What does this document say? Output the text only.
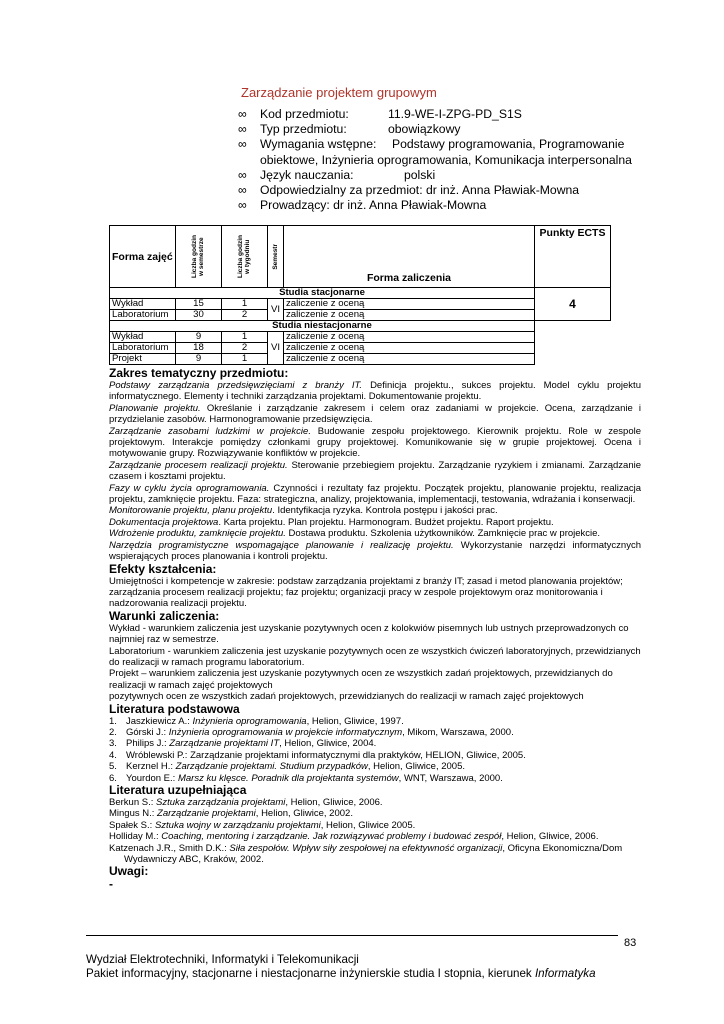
Zarządzanie projektem grupowym
∞	Kod przedmiotu:	11.9-WE-I-ZPG-PD_S1S
∞	Typ przedmiotu:	obowiązkowy
∞	Wymagania wstępne: Podstawy programowania, Programowanie
obiektowe, Inżynieria oprogramowania, Komunikacja interpersonalna
∞	Język nauczania:	polski
∞	Odpowiedzialny za przedmiot: dr inż. Anna Pławiak-Mowna
∞	Prowadzący: dr inż. Anna Pławiak-Mowna
Forma zajęć	Liczba godzin w semestrze	Liczba godzin w tygodniu	Semestr	Forma zaliczenia	Punkty ECTS
Studia stacjonarne					4
Wykład	15	1	VI	zaliczenie z oceną	
Laboratorium	30	2		zaliczenie z oceną	
Studia niestacjonarne					
Wykład	9	1	VI	zaliczenie z oceną	
Laboratorium	18	2		zaliczenie z oceną	
Projekt	9	1		zaliczenie z oceną	
Zakres tematyczny przedmiotu:

Podstawy zarządzania przedsięwzięciami z branży IT. Definicja projektu., sukces projektu. Model cyklu projektu informatycznego. Elementy i techniki zarządzania projektami. Dokumentowanie projektu.

Planowanie projektu. Określanie i zarządzanie zakresem i celem oraz zadaniami w projekcie. Ocena, zarządzanie i przydzielanie zasobów. Harmonogramowanie przedsięwzięcia.

Zarządzanie zasobami ludzkimi w projekcie. Budowanie zespołu projektowego. Kierownik projektu. Role w zespole projektowym. Interakcje pomiędzy członkami grupy projektowej. Komunikowanie się w grupie projektowej. Ocena i motywowanie grupy. Rozwiązywanie konfliktów w projekcie.

Zarządzanie procesem realizacji projektu. Sterowanie przebiegiem projektu. Zarządzanie ryzykiem i zmianami. Zarządzanie czasem i kosztami projektu.

Fazy w cyklu życia oprogramowania. Czynności i rezultaty faz projektu. Początek projektu, planowanie projektu, realizacja projektu, zamknięcie projektu. Faza: strategiczna, analizy, projektowania, implementacji, testowania, wdrażania i konserwacji.

Monitorowanie projektu, planu projektu. Identyfikacja ryzyka. Kontrola postępu i jakości prac.

Dokumentacja projektowa. Karta projektu. Plan projektu. Harmonogram. Budżet projektu. Raport projektu.

Wdrożenie produktu, zamknięcie projektu. Dostawa produktu. Szkolenia użytkowników. Zamknięcie prac w projekcie.

Narzędzia programistyczne wspomagające planowanie i realizację projektu. Wykorzystanie narzędzi informatycznych wspierających proces planowania i kontroli projektu.

Efekty kształcenia:

Umiejętności i kompetencje w zakresie: podstaw zarządzania projektami z branży IT; zasad i metod planowania projektów; zarządzania procesem realizacji projektu; faz projektu; organizacji pracy w zespole projektowym oraz monitorowania i nadzorowania realizacji projektu.

Warunki zaliczenia:

Wykład - warunkiem zaliczenia jest uzyskanie pozytywnych ocen z kolokwiów pisemnych lub ustnych przeprowadzonych co najmniej raz w semestrze.

Laboratorium - warunkiem zaliczenia jest uzyskanie pozytywnych ocen ze wszystkich ćwiczeń laboratoryjnych, przewidzianych do realizacji w ramach programu laboratorium.

Projekt – warunkiem zaliczenia jest uzyskanie pozytywnych ocen ze wszystkich zadań projektowych, przewidzianych do realizacji w ramach zajęć projektowych

pozytywnych ocen ze wszystkich zadań projektowych, przewidzianych do realizacji w ramach zajęć projektowych

Literatura podstawowa
1. Jaszkiewicz A.: Inżynieria oprogramowania, Helion, Gliwice, 1997.
2. Górski J.: Inżynieria oprogramowania w projekcie informatycznym, Mikom, Warszawa, 2000.
3. Philips J.: Zarządzanie projektami IT, Helion, Gliwice, 2004.
4. Wróblewski P.: Zarządzanie projektami informatycznymi dla praktyków, HELION, Gliwice, 2005.
5. Kerznel H.: Zarządzanie projektami. Studium przypadków, Helion, Gliwice, 2005.
6. Yourdon E.: Marsz ku klęsce. Poradnik dla projektanta systemów, WNT, Warszawa, 2000.
Literatura uzupełniająca

Berkun S.: Sztuka zarządzania projektami, Helion, Gliwice, 2006.

Mingus N.: Zarządzanie projektami, Helion, Gliwice, 2002.

Spałek S.: Sztuka wojny w zarządzaniu projektami, Helion, Gliwice 2005.

Holliday M.: Coaching, mentoring i zarządzanie. Jak rozwiązywać problemy i budować zespół, Helion, Gliwice, 2006.

Katzenach J.R., Smith D.K.: Siła zespołów. Wpływ siły zespołowej na efektywność organizacji, Oficyna Ekonomiczna/Dom Wydawniczy ABC, Kraków, 2002.

Uwagi:
-
83
Wydział Elektrotechniki, Informatyki i Telekomunikacji
Pakiet informacyjny, stacjonarne i niestacjonarne inżynierskie studia I stopnia, kierunek Informatyka
